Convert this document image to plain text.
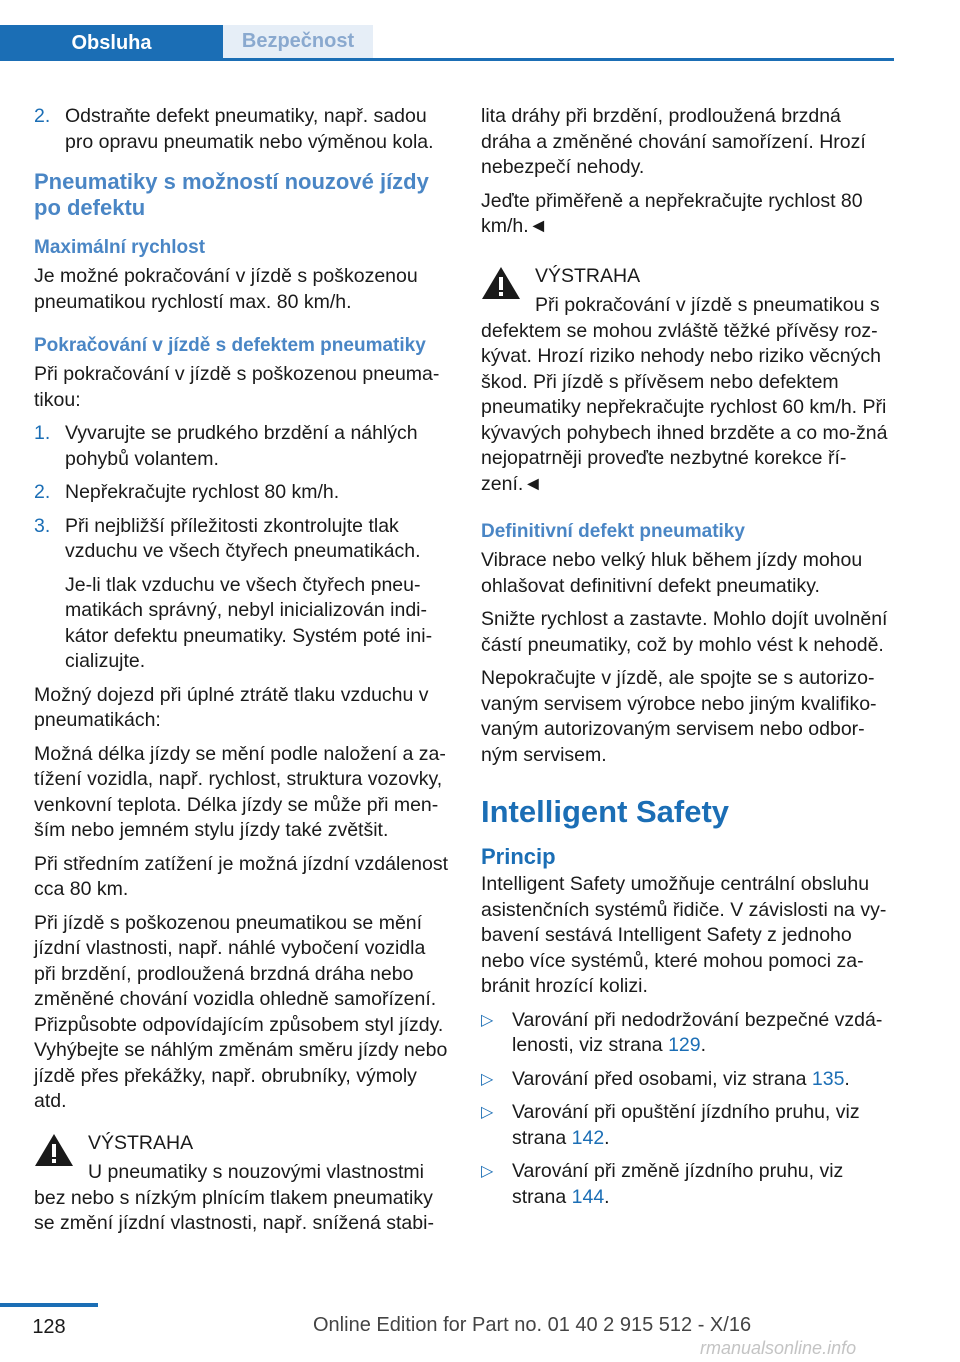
Obsluha	Bezpečnost
2. Odstraňte defekt pneumatiky, např. sadou pro opravu pneumatik nebo výměnou kola.
Pneumatiky s možností nouzové jízdy po defektu
Maximální rychlost

Je možné pokračování v jízdě s poškozenou pneumatikou rychlostí max. 80 km/h.

Pokračování v jízdě s defektem pneumatiky

Při pokračování v jízdě s poškozenou pneuma-tikou:

1. Vyvarujte se prudkého brzdění a náhlých pohybů volantem.
2. Nepřekračujte rychlost 80 km/h.
3. Při nejbližší příležitosti zkontrolujte tlak vzduchu ve všech čtyřech pneumatikách.
Je-li tlak vzduchu ve všech čtyřech pneu-matikách správný, nebyl inicializován indi-kátor defektu pneumatiky. Systém poté ini-cializujte.

Možný dojezd při úplné ztrátě tlaku vzduchu v pneumatikách:

Možná délka jízdy se mění podle naložení a za-tížení vozidla, např. rychlost, struktura vozovky, venkovní teplota. Délka jízdy se může při men-ším nebo jemném stylu jízdy také zvětšit.

Při středním zatížení je možná jízdní vzdálenost cca 80 km.

Při jízdě s poškozenou pneumatikou se mění jízdní vlastnosti, např. náhlé vybočení vozidla při brzdění, prodloužená brzdná dráha nebo změněné chování vozidla ohledně samořízení. Přizpůsobte odpovídajícím způsobem styl jízdy. Vyhýbejte se náhlým změnám směru jízdy nebo jízdě přes překážky, např. obrubníky, výmoly atd.

VÝSTRAHA
U pneumatiky s nouzovými vlastnostmi bez nebo s nízkým plnícím tlakem pneumatiky se změní jízdní vlastnosti, např. snížená stabi-

lita dráhy při brzdění, prodloužená brzdná dráha a změněné chování samořízení. Hrozí nebezpečí nehody.

Jeďte přiměřeně a nepřekračujte rychlost 80 km/h.◄

VÝSTRAHA
Při pokračování v jízdě s pneumatikou s defektem se mohou zvláště těžké přívěsy roz-kývat. Hrozí riziko nehody nebo riziko věcných škod. Při jízdě s přívěsem nebo defektem pneumatiky nepřekračujte rychlost 60 km/h. Při kývavých pohybech ihned brzděte a co mo-žná nejopatrněji proveďte nezbytné korekce ří-zení.◄
Definitivní defekt pneumatiky

Vibrace nebo velký hluk během jízdy mohou ohlašovat definitivní defekt pneumatiky.

Snižte rychlost a zastavte. Mohlo dojít uvolnění částí pneumatiky, což by mohlo vést k nehodě.

Nepokračujte v jízdě, ale spojte se s autorizo-vaným servisem výrobce nebo jiným kvalifiko-vaným autorizovaným servisem nebo odbor-ným servisem.

Intelligent Safety
Princip

Intelligent Safety umožňuje centrální obsluhu asistenčních systémů řidiče. V závislosti na vy-bavení sestává Intelligent Safety z jednoho nebo více systémů, které mohou pomoci za-bránit hrozící kolizi.

▷ Varování při nedodržování bezpečné vzdá-lenosti, viz strana 129.
▷ Varování před osobami, viz strana 135.
▷ Varování při opuštění jízdního pruhu, viz strana 142.
▷ Varování při změně jízdního pruhu, viz strana 144.
128	Online Edition for Part no. 01 40 2 915 512 - X/16
rmanualsonline.info
